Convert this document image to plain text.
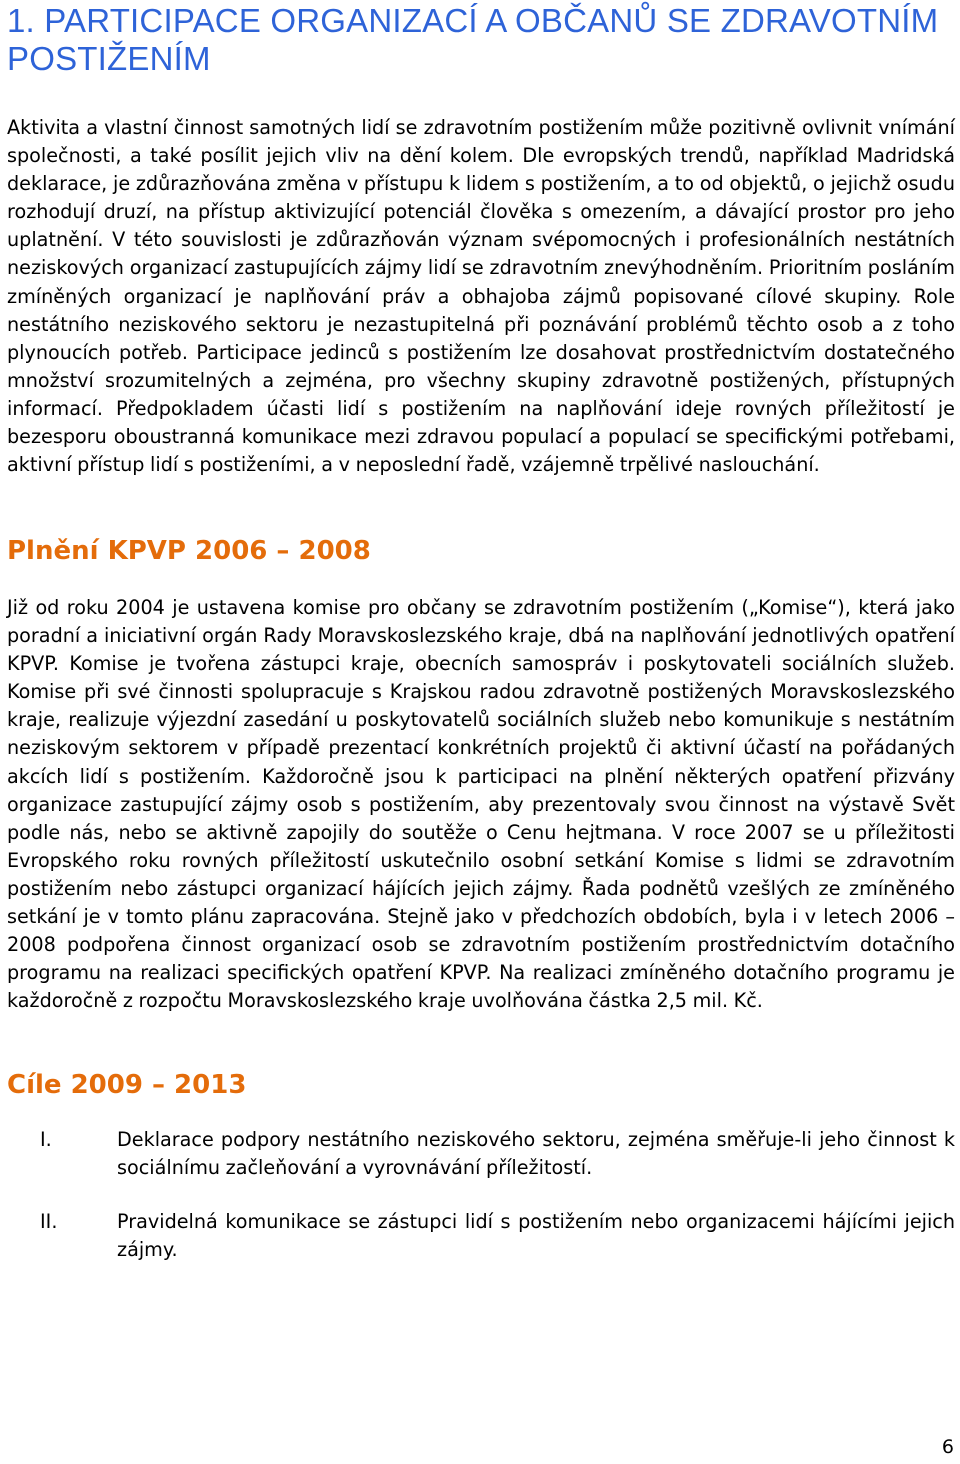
1. PARTICIPACE ORGANIZACÍ A OBČANŮ SE ZDRAVOTNÍM POSTIŽENÍM

Aktivita a vlastní činnost samotných lidí se zdravotním postižením může pozitivně ovlivnit vnímání společnosti, a také posílit jejich vliv na dění kolem. Dle evropských trendů, například Madridská deklarace, je zdůrazňována změna v přístupu k lidem s postižením, a to od objektů, o jejichž osudu rozhodují druzí, na přístup aktivizující potenciál člověka s omezením, a dávající prostor pro jeho uplatnění. V této souvislosti je zdůrazňován význam svépomocných i profesionálních nestátních neziskových organizací zastupujících zájmy lidí se zdravotním znevýhodněním. Prioritním posláním zmíněných organizací je naplňování práv a obhajoba zájmů popisované cílové skupiny. Role nestátního neziskového sektoru je nezastupitelná při poznávání problémů těchto osob a z toho plynoucích potřeb. Participace jedinců s postižením lze dosahovat prostřednictvím dostatečného množství srozumitelných a zejména, pro všechny skupiny zdravotně postižených, přístupných informací. Předpokladem účasti lidí s postižením na naplňování ideje rovných příležitostí je bezesporu oboustranná komunikace mezi zdravou populací a populací se specifickými potřebami, aktivní přístup lidí s postiženími, a v neposlední řadě, vzájemně trpělivé naslouchání.

Plnění KPVP 2006 – 2008

Již od roku 2004 je ustavena komise pro občany se zdravotním postižením („Komise“), která jako poradní a iniciativní orgán Rady Moravskoslezského kraje, dbá na naplňování jednotlivých opatření KPVP. Komise je tvořena zástupci kraje, obecních samospráv i poskytovateli sociálních služeb. Komise při své činnosti spolupracuje s Krajskou radou zdravotně postižených Moravskoslezského kraje, realizuje výjezdní zasedání u poskytovatelů sociálních služeb nebo komunikuje s nestátním neziskovým sektorem v případě prezentací konkrétních projektů či aktivní účastí na pořádaných akcích lidí s postižením. Každoročně jsou k participaci na plnění některých opatření přizvány organizace zastupující zájmy osob s postižením, aby prezentovaly svou činnost na výstavě Svět podle nás, nebo se aktivně zapojily do soutěže o Cenu hejtmana. V roce 2007 se u příležitosti Evropského roku rovných příležitostí uskutečnilo osobní setkání Komise s lidmi se zdravotním postižením nebo zástupci organizací hájících jejich zájmy. Řada podnětů vzešlých ze zmíněného setkání je v tomto plánu zapracována. Stejně jako v předchozích obdobích, byla i v letech 2006 – 2008 podpořena činnost organizací osob se zdravotním postižením prostřednictvím dotačního programu na realizaci specifických opatření KPVP. Na realizaci zmíněného dotačního programu je každoročně z rozpočtu Moravskoslezského kraje uvolňována částka 2,5 mil. Kč.

Cíle 2009 – 2013
I.	Deklarace podpory nestátního neziskového sektoru, zejména směřuje-li jeho činnost k sociálnímu začleňování a vyrovnávání příležitostí.
II.	Pravidelná komunikace se zástupci lidí s postižením nebo organizacemi hájícími jejich zájmy.
6
